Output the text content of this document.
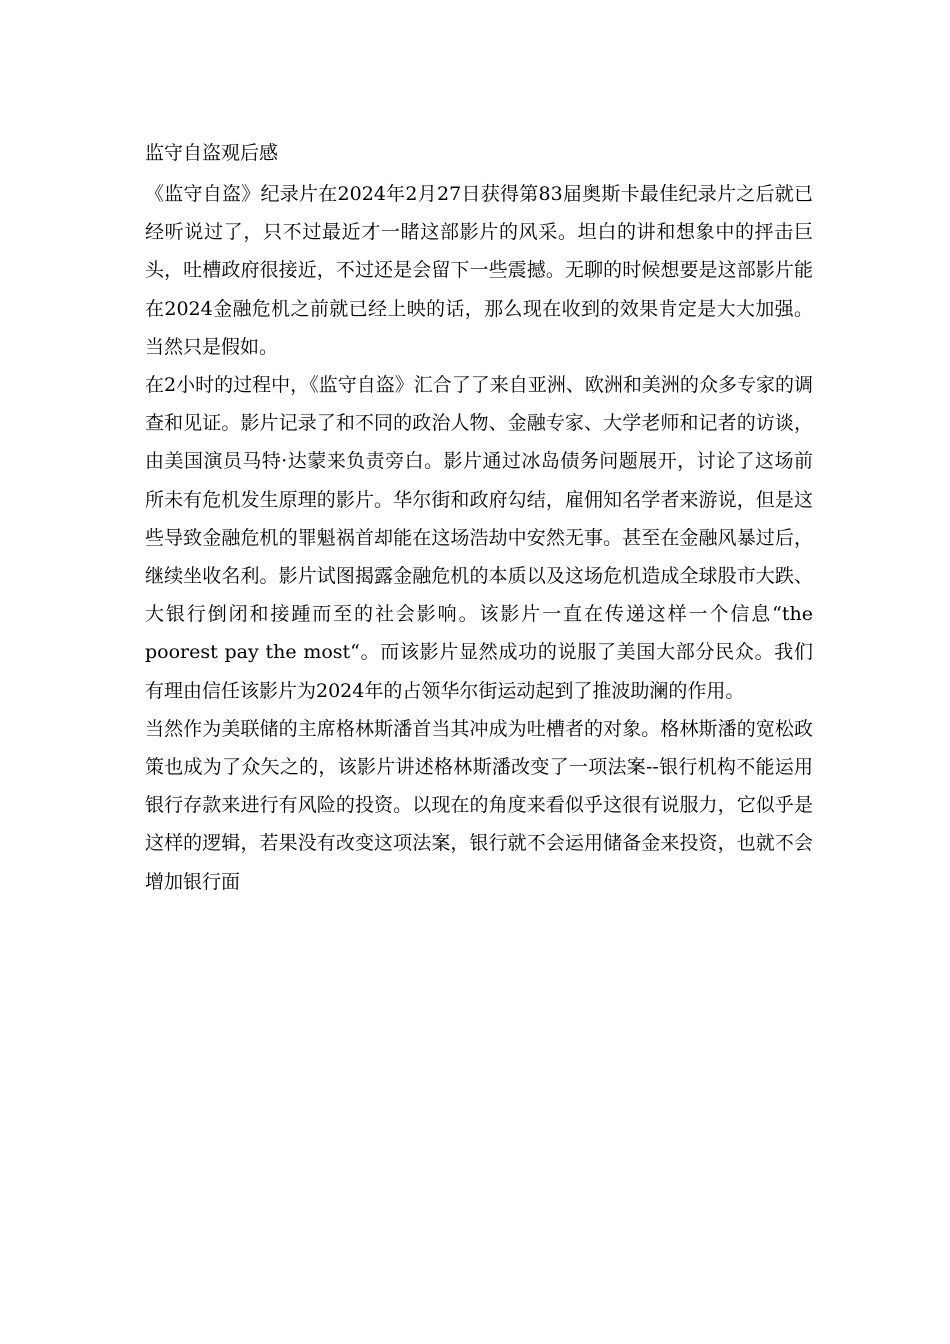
监守自盗观后感

《监守自盗》纪录片在2024年2月27日获得第83届奥斯卡最佳纪录片之后就已经听说过了，只不过最近才一睹这部影片的风采。坦白的讲和想象中的抨击巨头，吐槽政府很接近，不过还是会留下一些震撼。无聊的时候想要是这部影片能在2024金融危机之前就已经上映的话，那么现在收到的效果肯定是大大加强。当然只是假如。

在2小时的过程中，《监守自盗》汇合了了来自亚洲、欧洲和美洲的众多专家的调查和见证。影片记录了和不同的政治人物、金融专家、大学老师和记者的访谈，由美国演员马特·达蒙来负责旁白。影片通过冰岛债务问题展开，讨论了这场前所未有危机发生原理的影片。华尔街和政府勾结，雇佣知名学者来游说，但是这些导致金融危机的罪魁祸首却能在这场浩劫中安然无事。甚至在金融风暴过后，继续坐收名利。影片试图揭露金融危机的本质以及这场危机造成全球股市大跌、大银行倒闭和接踵而至的社会影响。该影片一直在传递这样一个信息“the poorest pay the most“。而该影片显然成功的说服了美国大部分民众。我们有理由信任该影片为2024年的占领华尔街运动起到了推波助澜的作用。

当然作为美联储的主席格林斯潘首当其冲成为吐槽者的对象。格林斯潘的宽松政策也成为了众矢之的，该影片讲述格林斯潘改变了一项法案--银行机构不能运用银行存款来进行有风险的投资。以现在的角度来看似乎这很有说服力，它似乎是这样的逻辑，若果没有改变这项法案，银行就不会运用储备金来投资，也就不会增加银行面
